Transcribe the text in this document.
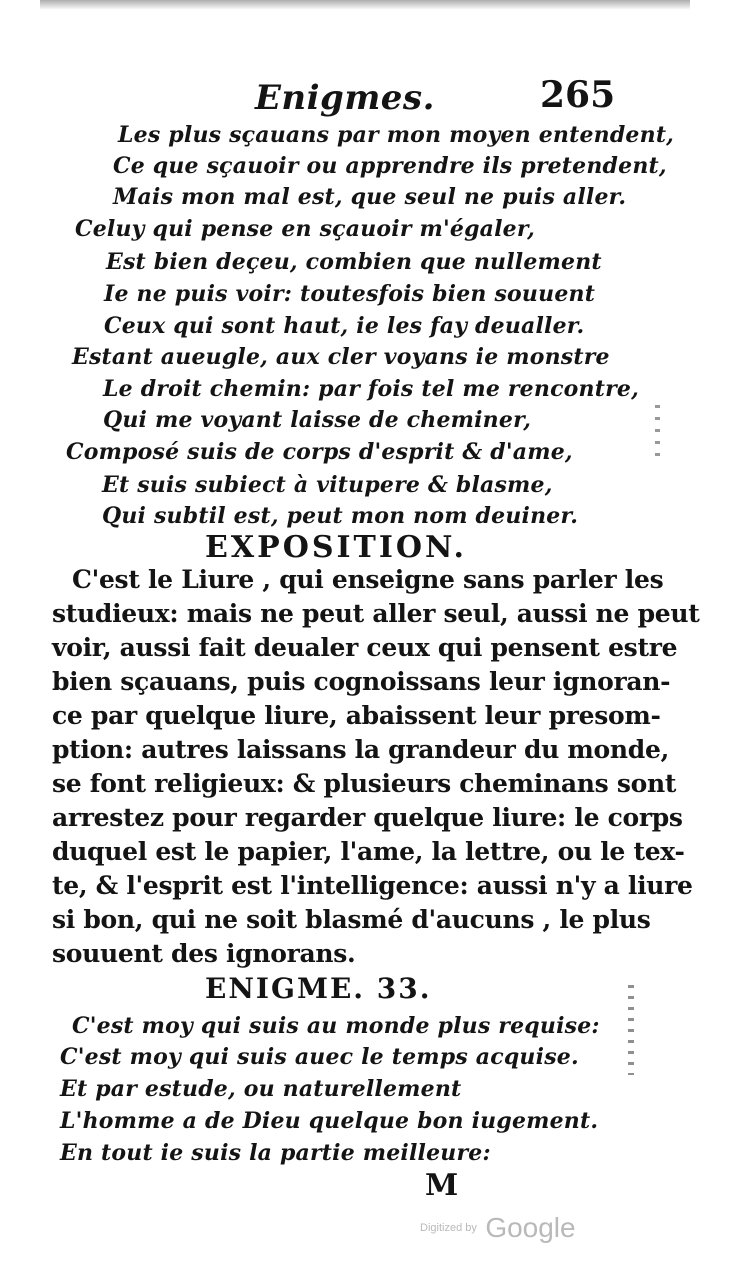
Enigmes.	265
Les plus sçauans par mon moyen entendent,
Ce que sçauoir ou apprendre ils pretendent,
Mais mon mal est, que seul ne puis aller.
Celuy qui pense en sçauoir m'égaler,
Est bien deçeu, combien que nullement
Ie ne puis voir: toutesfois bien souuent
Ceux qui sont haut, ie les fay deualler.
Estant aueugle, aux cler voyans ie monstre
Le droit chemin: par fois tel me rencontre,
Qui me voyant laisse de cheminer,
Composé suis de corps d'esprit & d'ame,
Et suis subiect à vitupere & blasme,
Qui subtil est, peut mon nom deuiner.
EXPOSITION.
C'est le Liure , qui enseigne sans parler les
studieux: mais ne peut aller seul, aussi ne peut
voir, aussi fait deualer ceux qui pensent estre
bien sçauans, puis cognoissans leur ignoran-
ce par quelque liure, abaissent leur presom-
ption: autres laissans la grandeur du monde,
se font religieux: & plusieurs cheminans sont
arrestez pour regarder quelque liure: le corps
duquel est le papier, l'ame, la lettre, ou le tex-
te, & l'esprit est l'intelligence: aussi n'y a liure
si bon, qui ne soit blasmé d'aucuns , le plus
souuent des ignorans.
ENIGME. 33.
C'est moy qui suis au monde plus requise:
C'est moy qui suis auec le temps acquise.
Et par estude, ou naturellement
L'homme a de Dieu quelque bon iugement.
En tout ie suis la partie meilleure:
M
Digitized by Google
